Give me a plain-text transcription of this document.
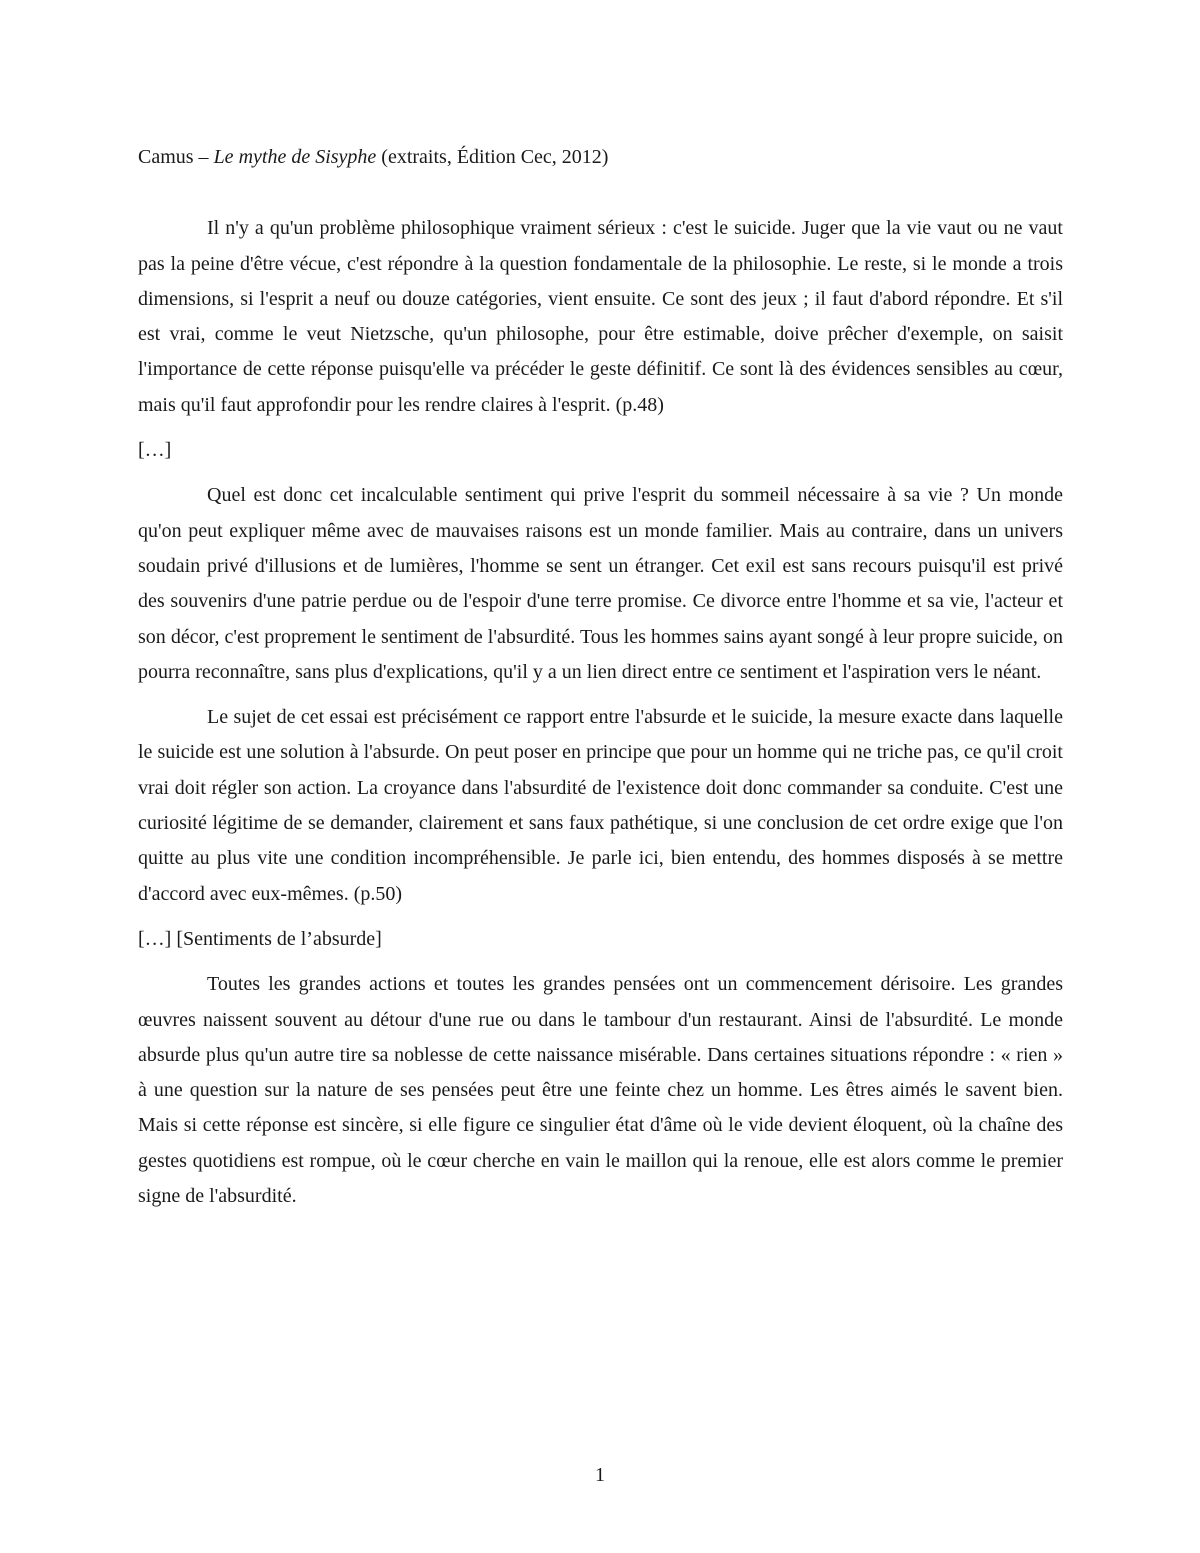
Camus – Le mythe de Sisyphe (extraits, Édition Cec, 2012)

Il n'y a qu'un problème philosophique vraiment sérieux : c'est le suicide. Juger que la vie vaut ou ne vaut pas la peine d'être vécue, c'est répondre à la question fondamentale de la philosophie. Le reste, si le monde a trois dimensions, si l'esprit a neuf ou douze catégories, vient ensuite. Ce sont des jeux ; il faut d'abord répondre. Et s'il est vrai, comme le veut Nietzsche, qu'un philosophe, pour être estimable, doive prêcher d'exemple, on saisit l'importance de cette réponse puisqu'elle va précéder le geste définitif. Ce sont là des évidences sensibles au cœur, mais qu'il faut approfondir pour les rendre claires à l'esprit. (p.48)

[…]

Quel est donc cet incalculable sentiment qui prive l'esprit du sommeil nécessaire à sa vie ? Un monde qu'on peut expliquer même avec de mauvaises raisons est un monde familier. Mais au contraire, dans un univers soudain privé d'illusions et de lumières, l'homme se sent un étranger. Cet exil est sans recours puisqu'il est privé des souvenirs d'une patrie perdue ou de l'espoir d'une terre promise. Ce divorce entre l'homme et sa vie, l'acteur et son décor, c'est proprement le sentiment de l'absurdité. Tous les hommes sains ayant songé à leur propre suicide, on pourra reconnaître, sans plus d'explications, qu'il y a un lien direct entre ce sentiment et l'aspiration vers le néant.

Le sujet de cet essai est précisément ce rapport entre l'absurde et le suicide, la mesure exacte dans laquelle le suicide est une solution à l'absurde. On peut poser en principe que pour un homme qui ne triche pas, ce qu'il croit vrai doit régler son action. La croyance dans l'absurdité de l'existence doit donc commander sa conduite. C'est une curiosité légitime de se demander, clairement et sans faux pathétique, si une conclusion de cet ordre exige que l'on quitte au plus vite une condition incompréhensible. Je parle ici, bien entendu, des hommes disposés à se mettre d'accord avec eux-mêmes. (p.50)

[…] [Sentiments de l’absurde]

Toutes les grandes actions et toutes les grandes pensées ont un commencement dérisoire. Les grandes œuvres naissent souvent au détour d'une rue ou dans le tambour d'un restaurant. Ainsi de l'absurdité. Le monde absurde plus qu'un autre tire sa noblesse de cette naissance misérable. Dans certaines situations répondre : « rien » à une question sur la nature de ses pensées peut être une feinte chez un homme. Les êtres aimés le savent bien. Mais si cette réponse est sincère, si elle figure ce singulier état d'âme où le vide devient éloquent, où la chaîne des gestes quotidiens est rompue, où le cœur cherche en vain le maillon qui la renoue, elle est alors comme le premier signe de l'absurdité.

1
